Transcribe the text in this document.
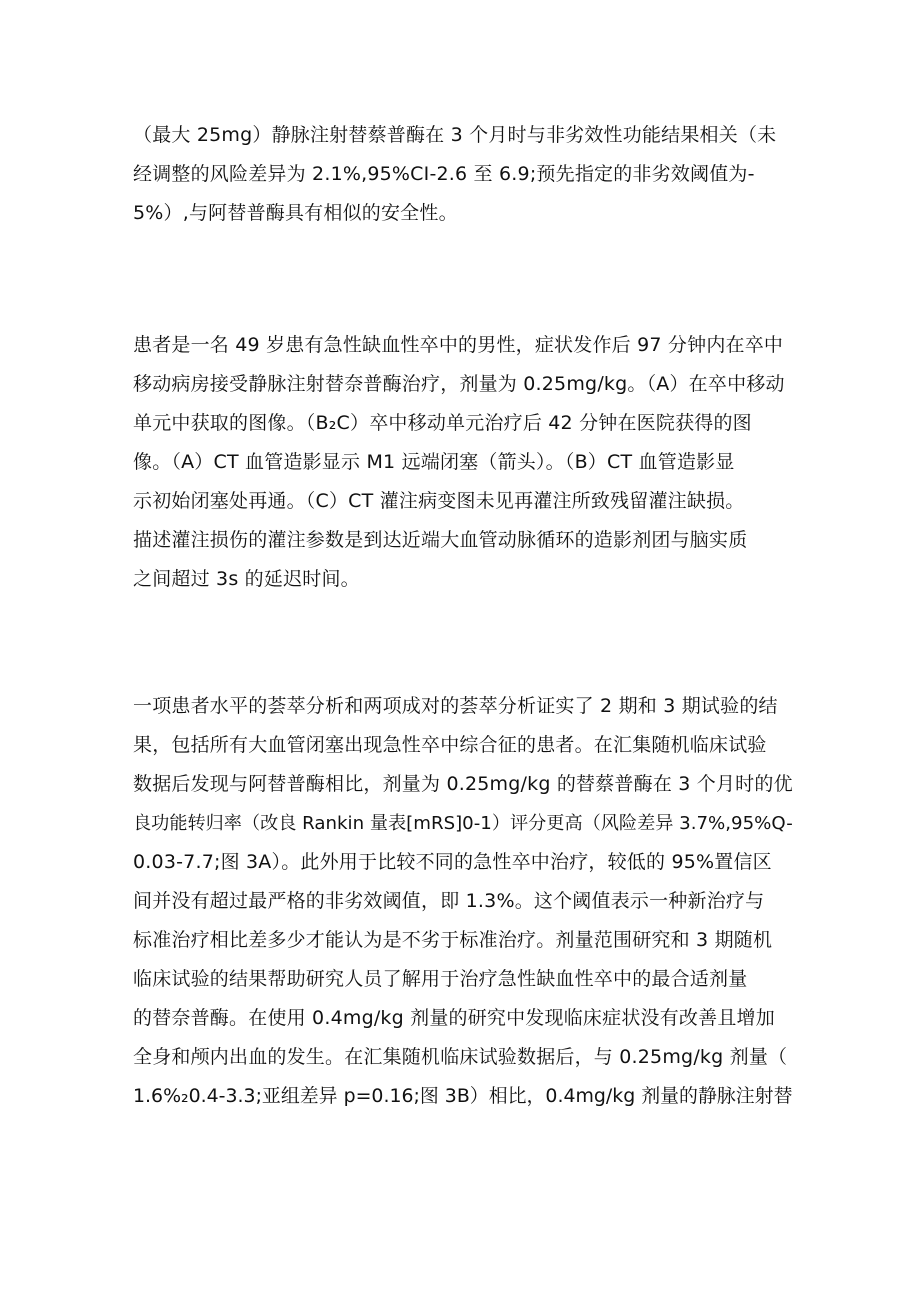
（最大 25mg）静脉注射替蔡普酶在 3 个月时与非劣效性功能结果相关（未
经调整的风险差异为 2.1%,95%CI-2.6 至 6.9;预先指定的非劣效阈值为-
5%）,与阿替普酶具有相似的安全性。
患者是一名 49 岁患有急性缺血性卒中的男性，症状发作后 97 分钟内在卒中
移动病房接受静脉注射替奈普酶治疗，剂量为 0.25mg∕kg。（A）在卒中移动
单元中获取的图像。（B₂C）卒中移动单元治疗后 42 分钟在医院获得的图
像。（A）CT 血管造影显示 M1 远端闭塞（箭头）。（B）CT 血管造影显
示初始闭塞处再通。（C）CT 灌注病变图未见再灌注所致残留灌注缺损。
描述灌注损伤的灌注参数是到达近端大血管动脉循环的造影剂团与脑实质
之间超过 3s 的延迟时间。
一项患者水平的荟萃分析和两项成对的荟萃分析证实了 2 期和 3 期试验的结
果，包括所有大血管闭塞出现急性卒中综合征的患者。在汇集随机临床试验
数据后发现与阿替普酶相比，剂量为 0.25mg/kg 的替蔡普酶在 3 个月时的优
良功能转归率（改良 Rankin 量表[mRS]0-1）评分更高（风险差异 3.7%,95%Q-
0.03-7.7;图 3A）。此外用于比较不同的急性卒中治疗，较低的 95%置信区
间并没有超过最严格的非劣效阈值，即 1.3%。这个阈值表示一种新治疗与
标准治疗相比差多少才能认为是不劣于标准治疗。剂量范围研究和 3 期随机
临床试验的结果帮助研究人员了解用于治疗急性缺血性卒中的最合适剂量
的替奈普酶。在使用 0.4mg/kg 剂量的研究中发现临床症状没有改善且增加
全身和颅内出血的发生。在汇集随机临床试验数据后，与 0.25mg/kg 剂量（
1.6%₂0.4-3.3;亚组差异 p=0.16;图 3B）相比，0.4mg/kg 剂量的静脉注射替
